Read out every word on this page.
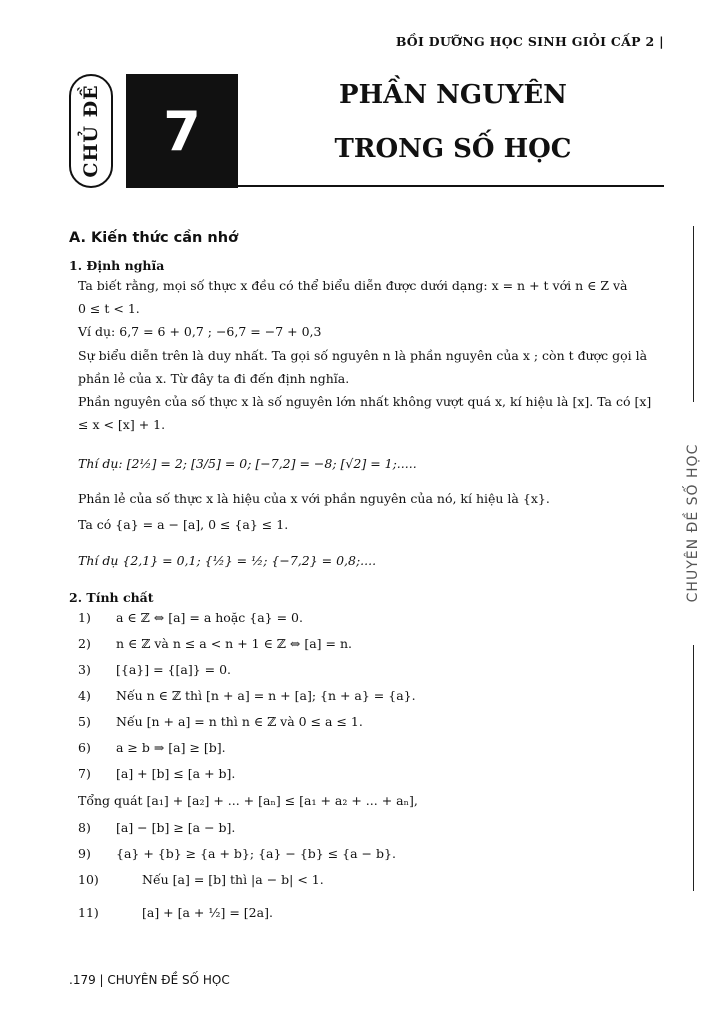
BỒI DƯỠNG HỌC SINH GIỎI CẤP 2 |
CHỦ ĐỀ	7
PHẦN NGUYÊN
TRONG SỐ HỌC
A. Kiến thức cần nhớ
1. Định nghĩa
Ta biết rằng, mọi số thực x đều có thể biểu diễn được dưới dạng: x = n + t với n ∈ Z và
0 ≤ t < 1.
Ví dụ: 6,7 = 6 + 0,7 ; −6,7 = −7 + 0,3
Sự biểu diễn trên là duy nhất. Ta gọi số nguyên n là phần nguyên của x ; còn t được gọi là phần lẻ của x. Từ đây ta đi đến định nghĩa.
Phần nguyên của số thực x là số nguyên lớn nhất không vượt quá x, kí hiệu là [x]. Ta có [x] ≤ x < [x] + 1.
Thí dụ: [2½] = 2; [3/5] = 0; [−7,2] = −8; [√2] = 1;.....
Phần lẻ của số thực x là hiệu của x với phần nguyên của nó, kí hiệu là {x}.
Ta có {a} = a − [a], 0 ≤ {a} ≤ 1.
Thí dụ {2,1} = 0,1; {½} = ½; {−7,2} = 0,8;....
2. Tính chất
1) a ∈ ℤ ⇔ [a] = a hoặc {a} = 0.
2) n ∈ ℤ và n ≤ a < n + 1 ∈ ℤ ⇔ [a] = n.
3) [{a}] = {[a]} = 0.
4) Nếu n ∈ ℤ thì [n + a] = n + [a]; {n + a} = {a}.
5) Nếu [n + a] = n thì n ∈ ℤ và 0 ≤ a ≤ 1.
6) a ≥ b ⇒ [a] ≥ [b].
7) [a] + [b] ≤ [a + b].
Tổng quát [a₁] + [a₂] + ... + [aₙ] ≤ [a₁ + a₂ + ... + aₙ],
8) [a] − [b] ≥ [a − b].
9) {a} + {b} ≥ {a + b}; {a} − {b} ≤ {a − b}.
10)	Nếu [a] = [b] thì |a − b| < 1.
11)	[a] + [a + ½] = [2a].
CHUYÊN ĐỀ SỐ HỌC
.179 | CHUYÊN ĐỀ SỐ HỌC
